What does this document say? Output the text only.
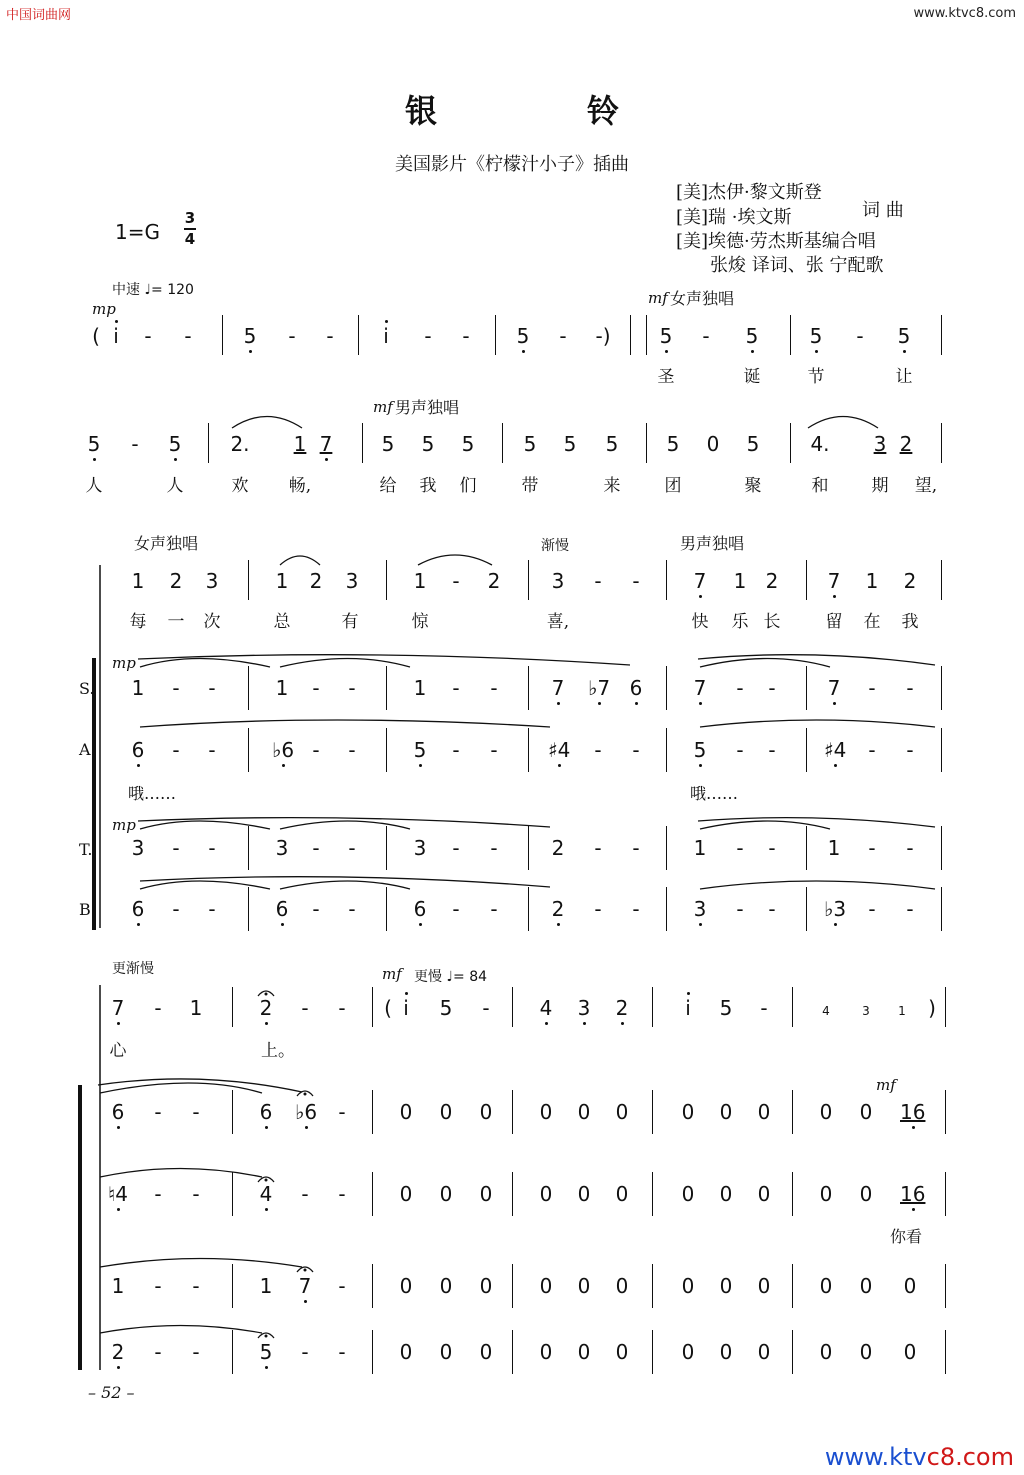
中国词曲网	www.ktvc8.com
银铃
美国影片《柠檬汁小子》插曲
[美]杰伊·黎文斯登
[美]瑞 ·埃文斯	词 曲
[美]埃德·劳杰斯基编合唱
张焌 译词、张 宁配歌
1=G
3
4
中速 ♩= 120
mp
mf 女声独唱
mf 男声独唱
女声独唱	渐慢	男声独唱
mp
mp
更渐慢	mf 更慢 ♩= 84
mf
S.
A.
T.
B.
哦……	哦……
你看
( i	-	-	5	-	-	i	-	-	5	-	-) 5	-	5	5	-	5
圣	诞	节	让
5	-	5 2. 1 7 5 5 5 5 5 5 5 0 5	4. 3 2
人	人	欢	畅,	给	我	们	带	来	团	聚	和	期	望,
1 2 3	1 2 3	1	-	2	3	-	-	7 1 2 7 1 2
每	一	次	总	有	惊	喜,	快	乐 长	留	在	我
1	-	-	1	-	-	1	-	-	7 ♭7 6	7	-	-	7	-	-
6	-	-	♭6 -	-	5	-	-	♯4	-	-	5	-	-	♯4	-	-
3	-	-	3	-	-	3	-	-	2	-	-	1	-	-	1	-	-
6	-	-	6	-	-	6	-	-	2	-	-	3	-	-	♭3	-	-
7	-	1	2	-	-	( i	5	-	4 3 2	i	5	-	4	3	1	)
心	上。
6	-	-	6 ♭6	-	0 0 0 0 0 0	0 0 0 0 0 16
♮4	-	-	4	-	-	0 0 0 0 0 0	0 0 0 0 0 16
1	-	-	1 7	-	0 0 0 0 0 0	0 0 0 0 0 0
2	-	-	5	-	-	0 0 0 0 0 0	0 0 0 0 0 0
– 52 –
www.ktvc8.com
